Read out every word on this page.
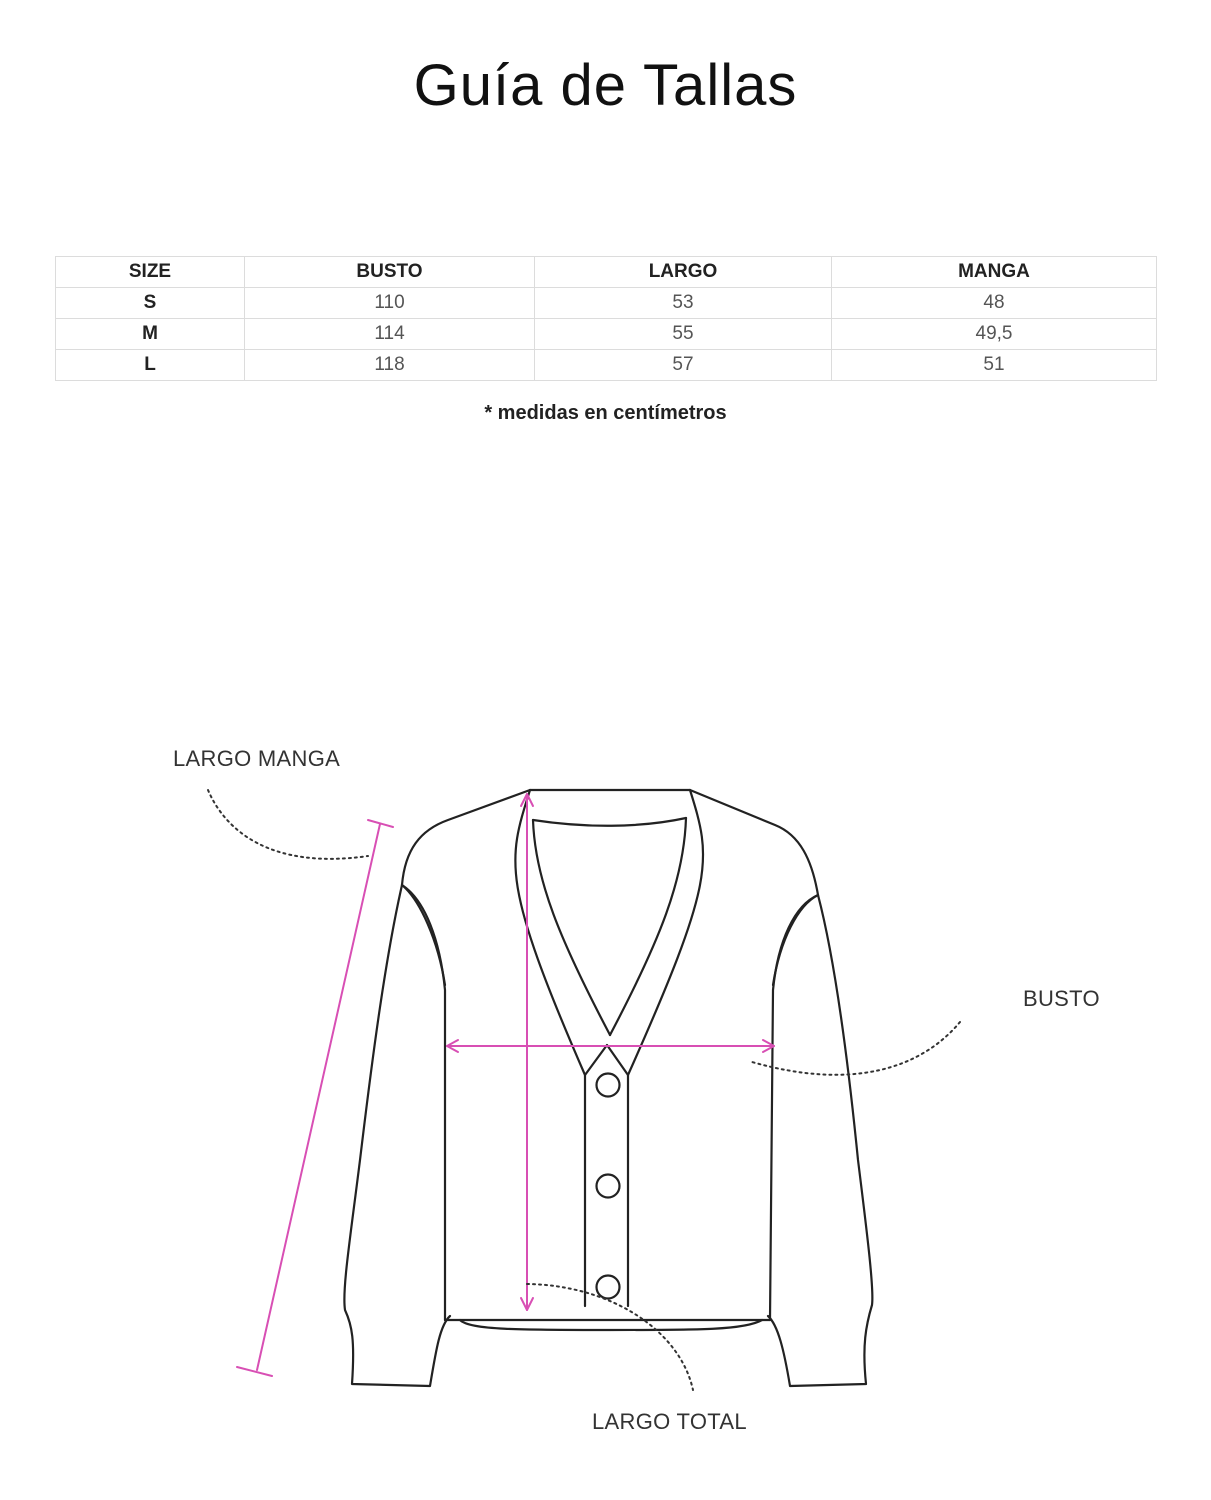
Guía de Tallas
SIZE	BUSTO	LARGO	MANGA
S	110	53	48
M	114	55	49,5
L	118	57	51
* medidas en centímetros
LARGO MANGA
BUSTO
LARGO TOTAL
